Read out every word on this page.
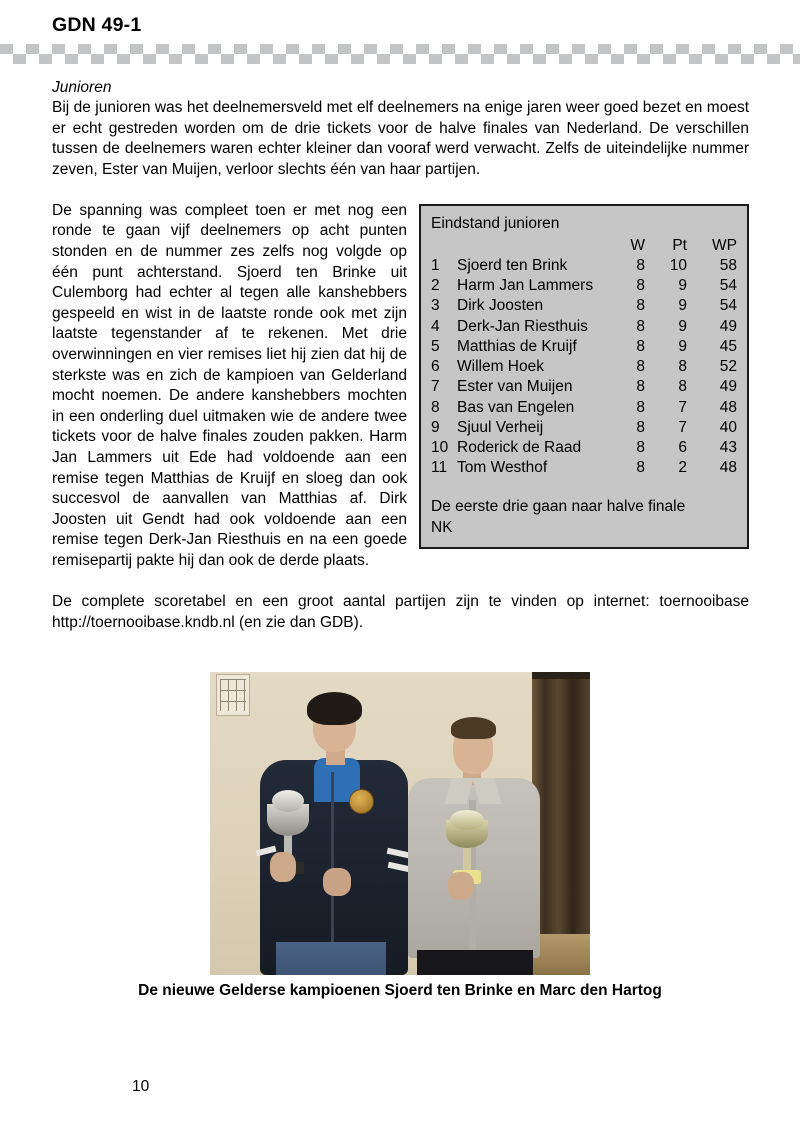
GDN 49-1
Junioren

Bij de junioren was het deelnemersveld met elf deelnemers na enige jaren weer goed bezet en moest er echt gestreden worden om de drie tickets voor de halve finales van Nederland. De verschillen tussen de deelnemers waren echter kleiner dan vooraf werd verwacht. Zelfs de uiteindelijke nummer zeven, Ester van Muijen, verloor slechts één van haar partijen.

Eindstand junioren
		W	Pt	WP
1	Sjoerd ten Brink	8	10	58
2	Harm Jan Lammers	8	9	54
3	Dirk Joosten	8	9	54
4	Derk-Jan Riesthuis	8	9	49
5	Matthias de Kruijf	8	9	45
6	Willem Hoek	8	8	52
7	Ester van Muijen	8	8	49
8	Bas van Engelen	8	7	48
9	Sjuul Verheij	8	7	40
10	Roderick de Raad	8	6	43
11	Tom Westhof	8	2	48
De eerste drie gaan naar halve finale
NK

De spanning was compleet toen er met nog een ronde te gaan vijf deelnemers op acht punten stonden en de nummer zes zelfs nog volgde op één punt achterstand. Sjoerd ten Brinke uit Culemborg had echter al tegen alle kanshebbers gespeeld en wist in de laatste ronde ook met zijn laatste tegenstander af te rekenen. Met drie overwinningen en vier remises liet hij zien dat hij de sterkste was en zich de kampioen van Gelderland mocht noemen. De andere kanshebbers mochten in een onderling duel uitmaken wie de andere twee tickets voor de halve finales zouden pakken. Harm Jan Lammers uit Ede had voldoende aan een remise tegen Matthias de Kruijf en sloeg dan ook succesvol de aanvallen van Matthias af. Dirk Joosten uit Gendt had ook voldoende aan een remise tegen Derk-Jan Riesthuis en na een goede remisepartij pakte hij dan ook de derde plaats.

De complete scoretabel en een groot aantal partijen zijn te vinden op internet: toernooibase http://toernooibase.kndb.nl (en zie dan GDB).

De nieuwe Gelderse kampioenen Sjoerd ten Brinke en Marc den Hartog
10
